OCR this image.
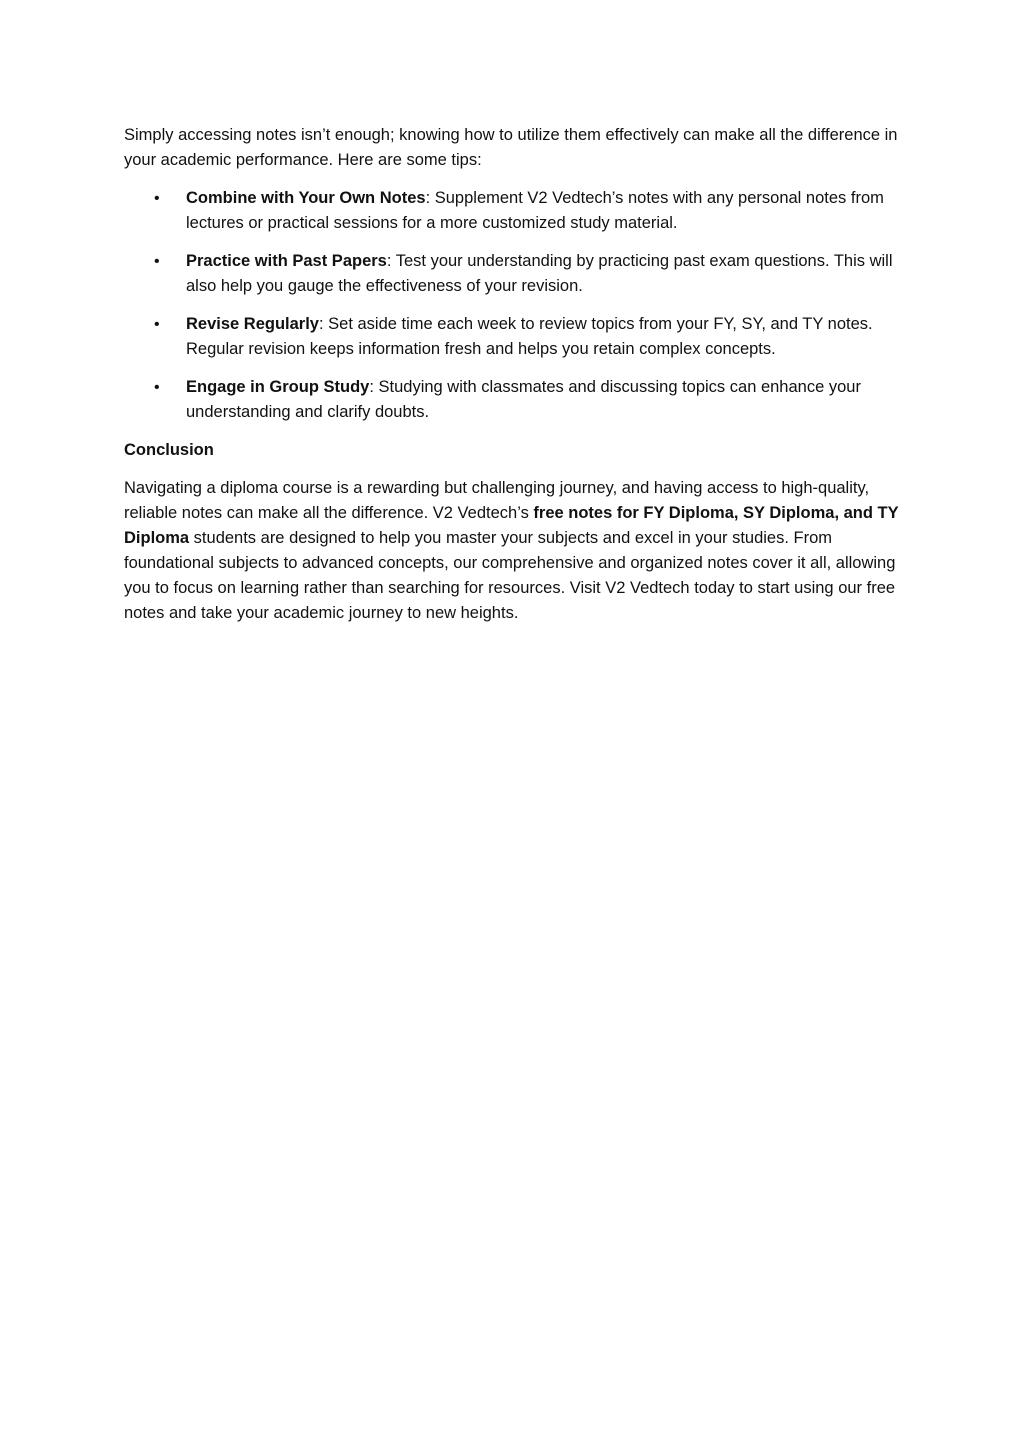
Simply accessing notes isn’t enough; knowing how to utilize them effectively can make all the difference in your academic performance. Here are some tips:

• Combine with Your Own Notes: Supplement V2 Vedtech’s notes with any personal notes from lectures or practical sessions for a more customized study material.
• Practice with Past Papers: Test your understanding by practicing past exam questions. This will also help you gauge the effectiveness of your revision.
• Revise Regularly: Set aside time each week to review topics from your FY, SY, and TY notes. Regular revision keeps information fresh and helps you retain complex concepts.
• Engage in Group Study: Studying with classmates and discussing topics can enhance your understanding and clarify doubts.

Conclusion

Navigating a diploma course is a rewarding but challenging journey, and having access to high-quality, reliable notes can make all the difference. V2 Vedtech’s free notes for FY Diploma, SY Diploma, and TY Diploma students are designed to help you master your subjects and excel in your studies. From foundational subjects to advanced concepts, our comprehensive and organized notes cover it all, allowing you to focus on learning rather than searching for resources. Visit V2 Vedtech today to start using our free notes and take your academic journey to new heights.
